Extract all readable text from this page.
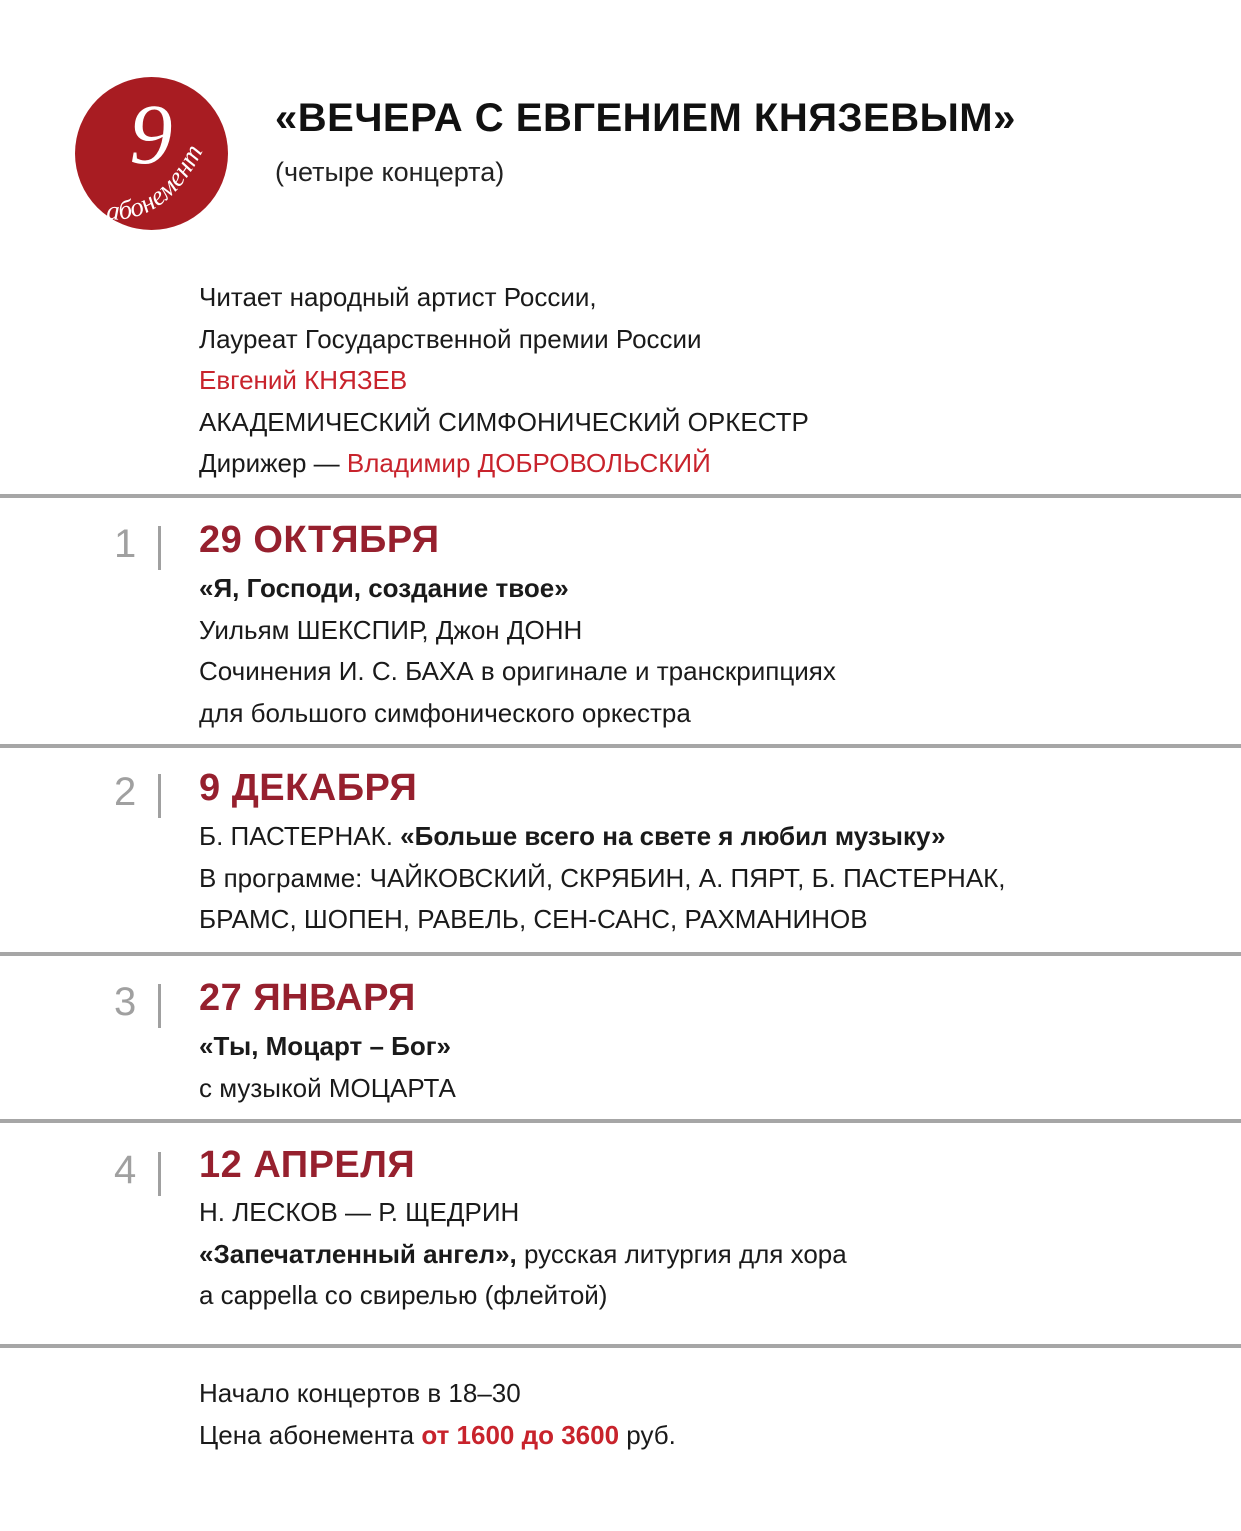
9
абонемент
«ВЕЧЕРА С ЕВГЕНИЕМ КНЯЗЕВЫМ»
(четыре концерта)
Читает народный артист России,
Лауреат Государственной премии России
Евгений КНЯЗЕВ
АКАДЕМИЧЕСКИЙ СИМФОНИЧЕСКИЙ ОРКЕСТР
Дирижер — Владимир ДОБРОВОЛЬСКИЙ
1 29 ОКТЯБРЯ
«Я, Господи, создание твое»
Уильям ШЕКСПИР, Джон ДОНН
Сочинения И. С. БАХА в оригинале и транскрипциях
для большого симфонического оркестра
2 9 ДЕКАБРЯ
Б. ПАСТЕРНАК. «Больше всего на свете я любил музыку»
В программе: ЧАЙКОВСКИЙ, СКРЯБИН, А. ПЯРТ, Б. ПАСТЕРНАК,
БРАМС, ШОПЕН, РАВЕЛЬ, СЕН-САНС, РАХМАНИНОВ
3 27 ЯНВАРЯ
«Ты, Моцарт – Бог»
с музыкой МОЦАРТА
4 12 АПРЕЛЯ
Н. ЛЕСКОВ — Р. ЩЕДРИН
«Запечатленный ангел», русская литургия для хора
a cappella со свирелью (флейтой)
Начало концертов в 18–30
Цена абонемента от 1600 до 3600 руб.
